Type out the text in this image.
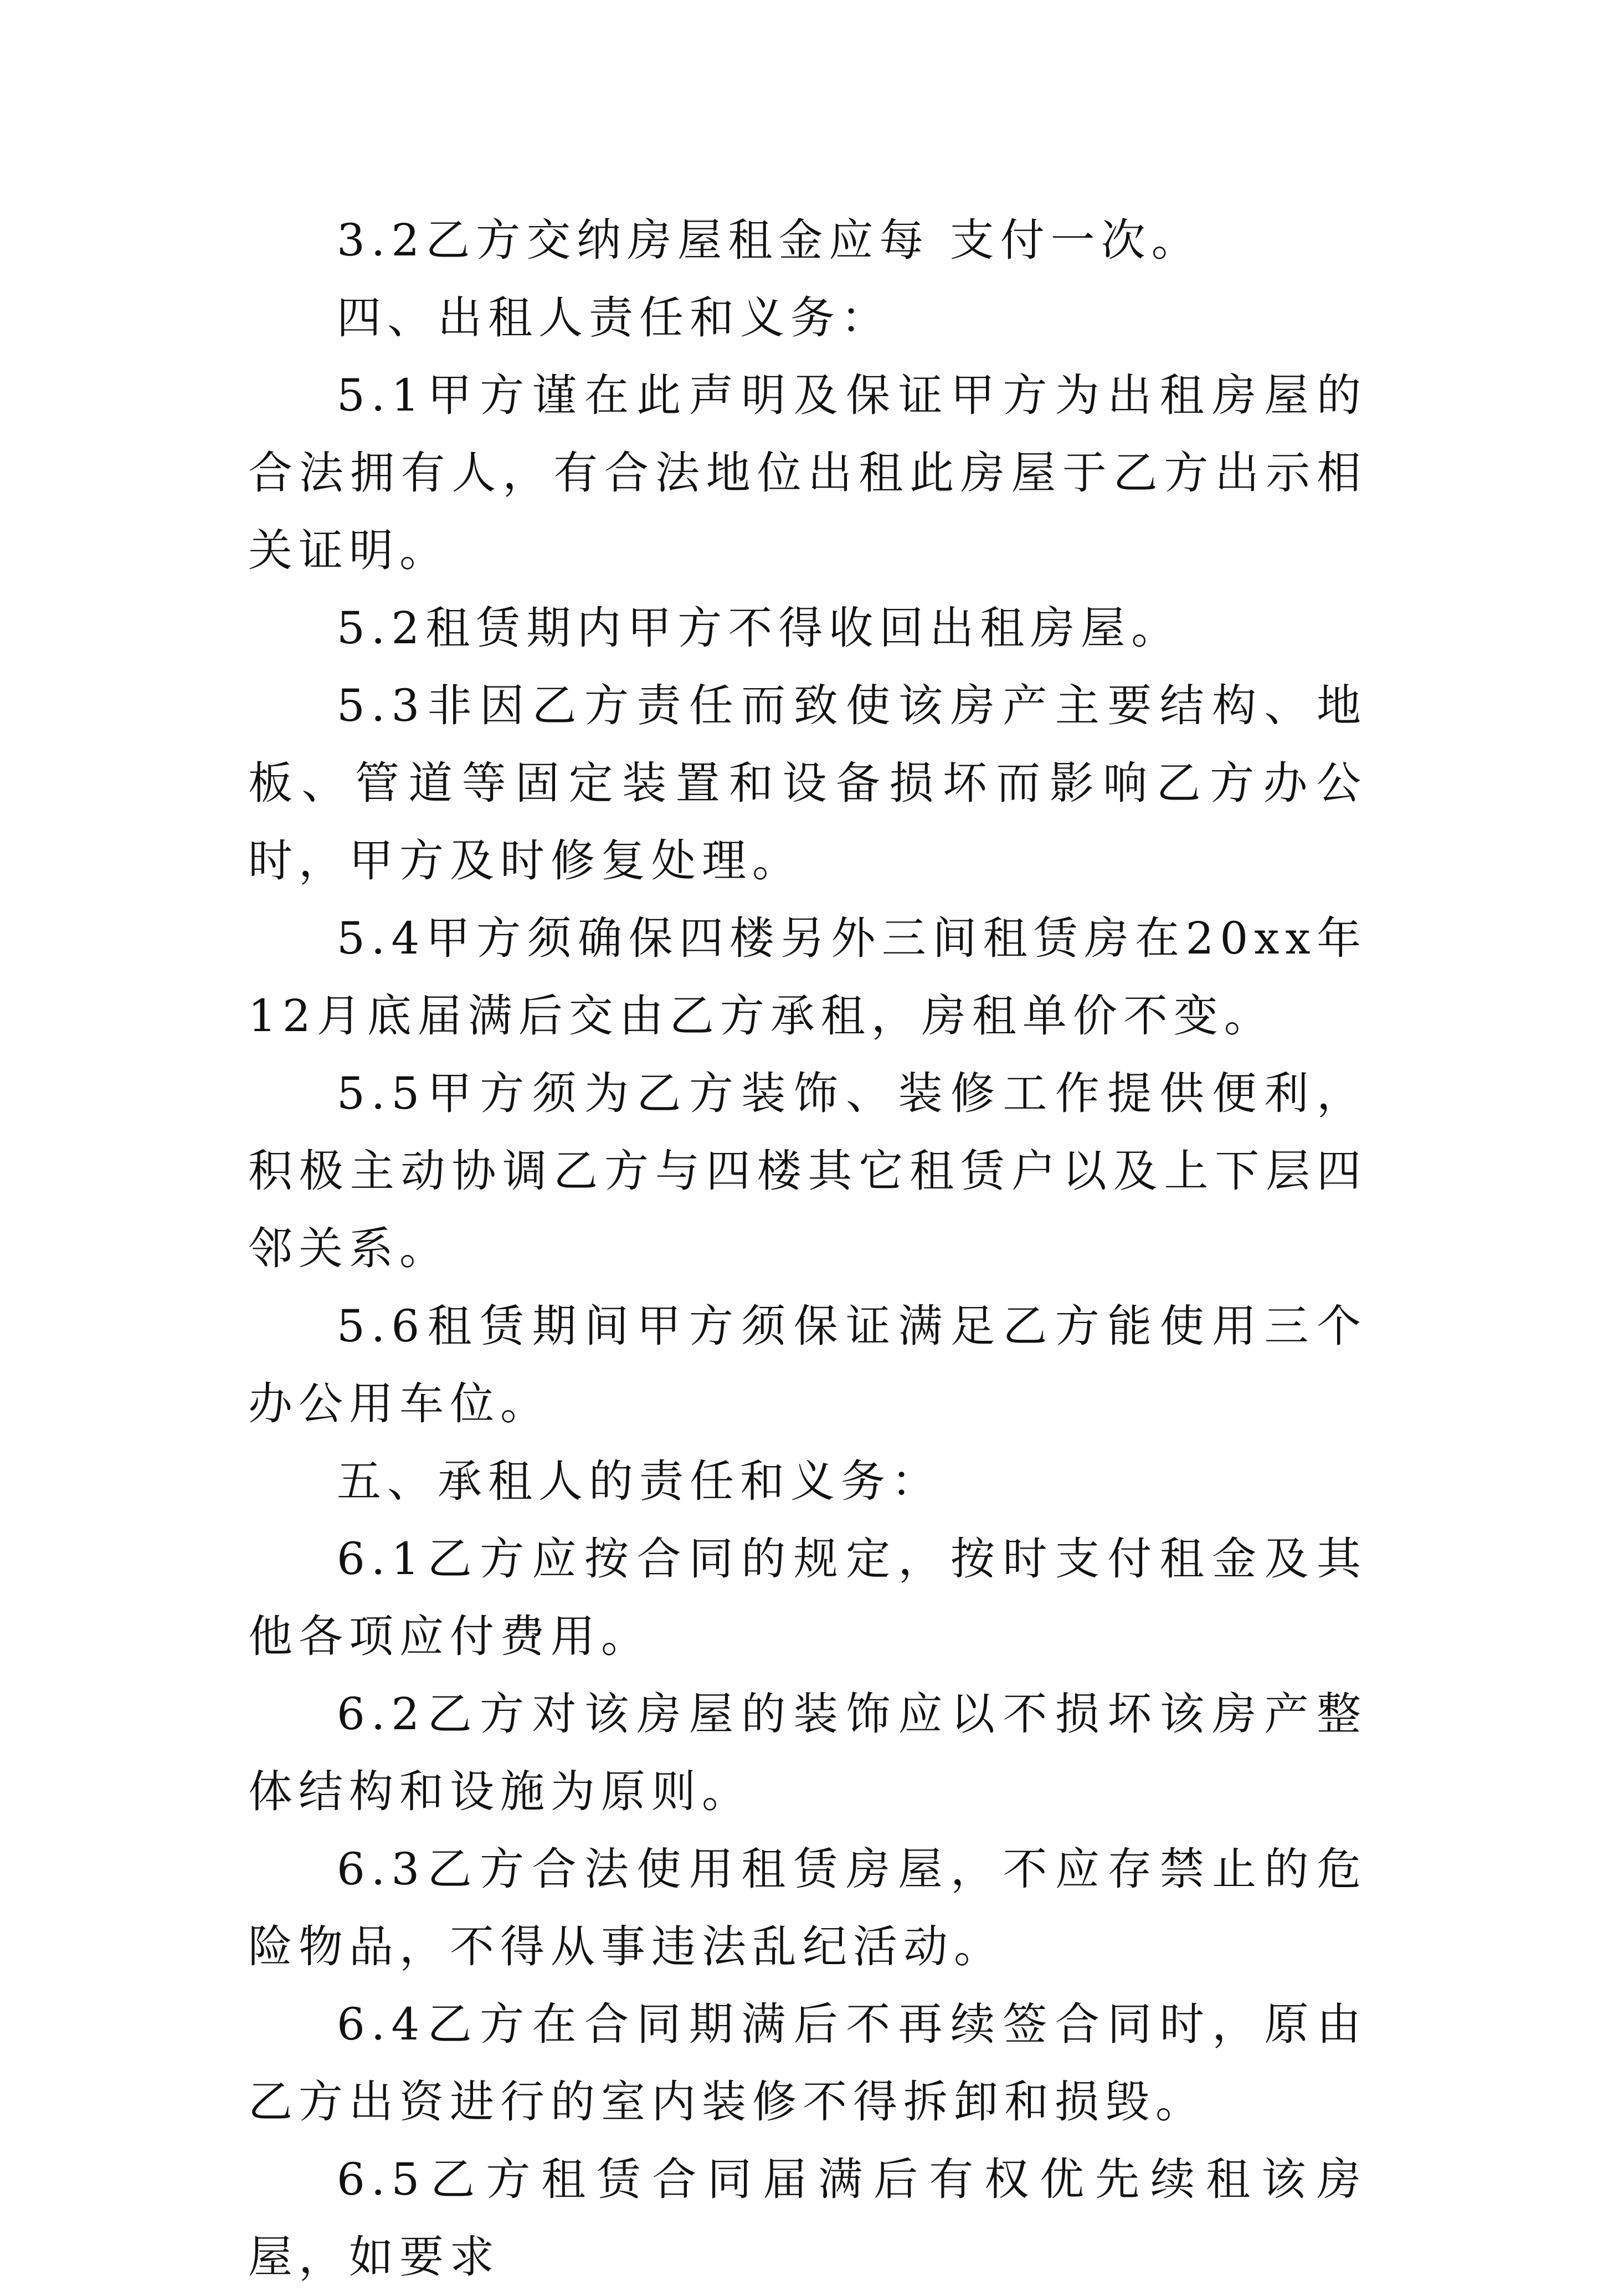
3.2乙方交纳房屋租金应每 支付一次。

四、出租人责任和义务：

5.1甲方谨在此声明及保证甲方为出租房屋的合法拥有人，有合法地位出租此房屋于乙方出示相关证明。

5.2租赁期内甲方不得收回出租房屋。

5.3非因乙方责任而致使该房产主要结构、地板、管道等固定装置和设备损坏而影响乙方办公时，甲方及时修复处理。

5.4甲方须确保四楼另外三间租赁房在20xx年12月底届满后交由乙方承租，房租单价不变。

5.5甲方须为乙方装饰、装修工作提供便利，积极主动协调乙方与四楼其它租赁户以及上下层四邻关系。

5.6租赁期间甲方须保证满足乙方能使用三个办公用车位。

五、承租人的责任和义务：

6.1乙方应按合同的规定，按时支付租金及其他各项应付费用。

6.2乙方对该房屋的装饰应以不损坏该房产整体结构和设施为原则。

6.3乙方合法使用租赁房屋，不应存禁止的危险物品，不得从事违法乱纪活动。

6.4乙方在合同期满后不再续签合同时，原由乙方出资进行的室内装修不得拆卸和损毁。

6.5乙方租赁合同届满后有权优先续租该房屋，如要求
